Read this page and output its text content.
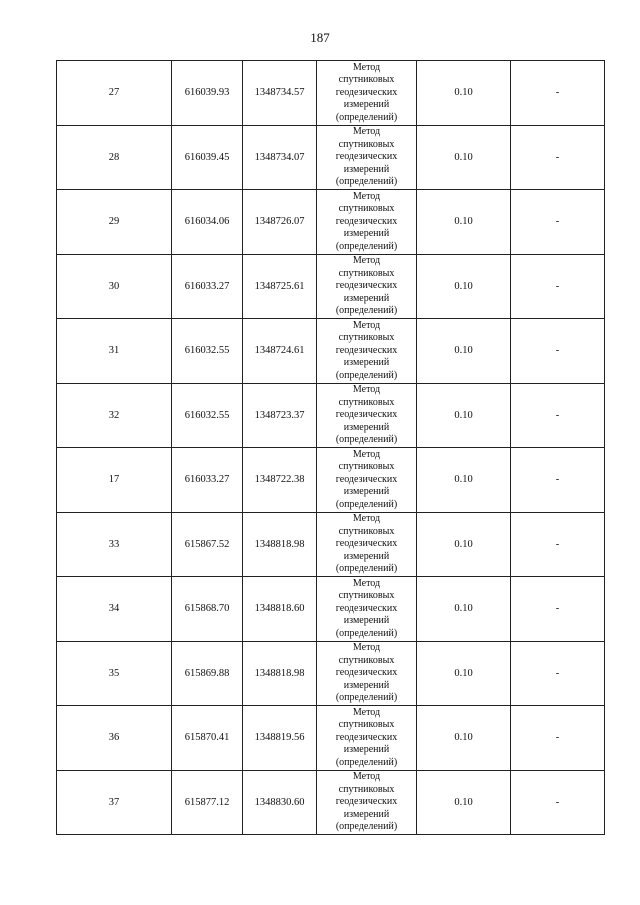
187
27	616039.93	1348734.57	Метод
спутниковых
геодезических
измерений
(определений)	0.10	-
28	616039.45	1348734.07	Метод
спутниковых
геодезических
измерений
(определений)	0.10	-
29	616034.06	1348726.07	Метод
спутниковых
геодезических
измерений
(определений)	0.10	-
30	616033.27	1348725.61	Метод
спутниковых
геодезических
измерений
(определений)	0.10	-
31	616032.55	1348724.61	Метод
спутниковых
геодезических
измерений
(определений)	0.10	-
32	616032.55	1348723.37	Метод
спутниковых
геодезических
измерений
(определений)	0.10	-
17	616033.27	1348722.38	Метод
спутниковых
геодезических
измерений
(определений)	0.10	-
33	615867.52	1348818.98	Метод
спутниковых
геодезических
измерений
(определений)	0.10	-
34	615868.70	1348818.60	Метод
спутниковых
геодезических
измерений
(определений)	0.10	-
35	615869.88	1348818.98	Метод
спутниковых
геодезических
измерений
(определений)	0.10	-
36	615870.41	1348819.56	Метод
спутниковых
геодезических
измерений
(определений)	0.10	-
37	615877.12	1348830.60	Метод
спутниковых
геодезических
измерений
(определений)	0.10	-
